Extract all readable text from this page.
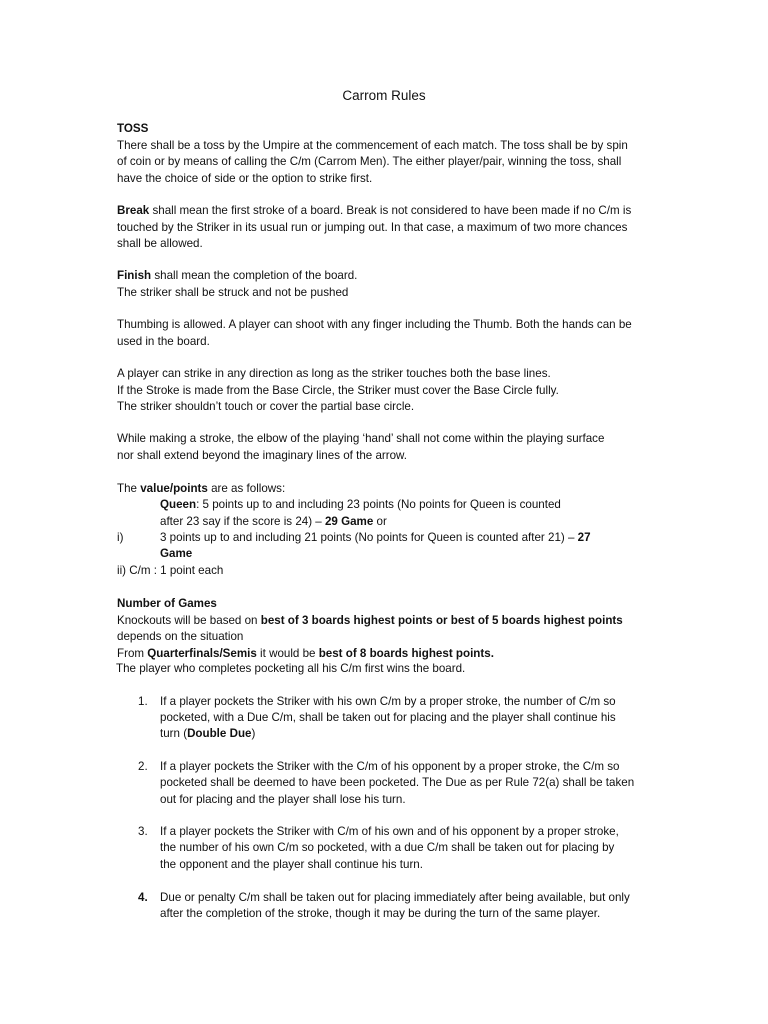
Carrom Rules
TOSS
There shall be a toss by the Umpire at the commencement of each match. The toss shall be by spin
of coin or by means of calling the C/m (Carrom Men). The either player/pair, winning the toss, shall
have the choice of side or the option to strike first.
Break shall mean the first stroke of a board. Break is not considered to have been made if no C/m is
touched by the Striker in its usual run or jumping out. In that case, a maximum of two more chances
shall be allowed.
Finish shall mean the completion of the board.
The striker shall be struck and not be pushed
Thumbing is allowed. A player can shoot with any finger including the Thumb. Both the hands can be
used in the board.
A player can strike in any direction as long as the striker touches both the base lines.
If the Stroke is made from the Base Circle, the Striker must cover the Base Circle fully.
The striker shouldn’t touch or cover the partial base circle.
While making a stroke, the elbow of the playing ‘hand’ shall not come within the playing surface
nor shall extend beyond the imaginary lines of the arrow.
The value/points are as follows:
Queen: 5 points up to and including 23 points (No points for Queen is counted
after 23 say if the score is 24) – 29 Game or
i)	3 points up to and including 21 points (No points for Queen is counted after 21) – 27
Game
ii) C/m : 1 point each
Number of Games
Knockouts will be based on best of 3 boards highest points or best of 5 boards highest points
depends on the situation
From Quarterfinals/Semis it would be best of 8 boards highest points.
The player who completes pocketing all his C/m first wins the board.
1. If a player pockets the Striker with his own C/m by a proper stroke, the number of C/m so
pocketed, with a Due C/m, shall be taken out for placing and the player shall continue his
turn (Double Due)
2. If a player pockets the Striker with the C/m of his opponent by a proper stroke, the C/m so
pocketed shall be deemed to have been pocketed. The Due as per Rule 72(a) shall be taken
out for placing and the player shall lose his turn.
3. If a player pockets the Striker with C/m of his own and of his opponent by a proper stroke,
the number of his own C/m so pocketed, with a due C/m shall be taken out for placing by
the opponent and the player shall continue his turn.
4. Due or penalty C/m shall be taken out for placing immediately after being available, but only
after the completion of the stroke, though it may be during the turn of the same player.
